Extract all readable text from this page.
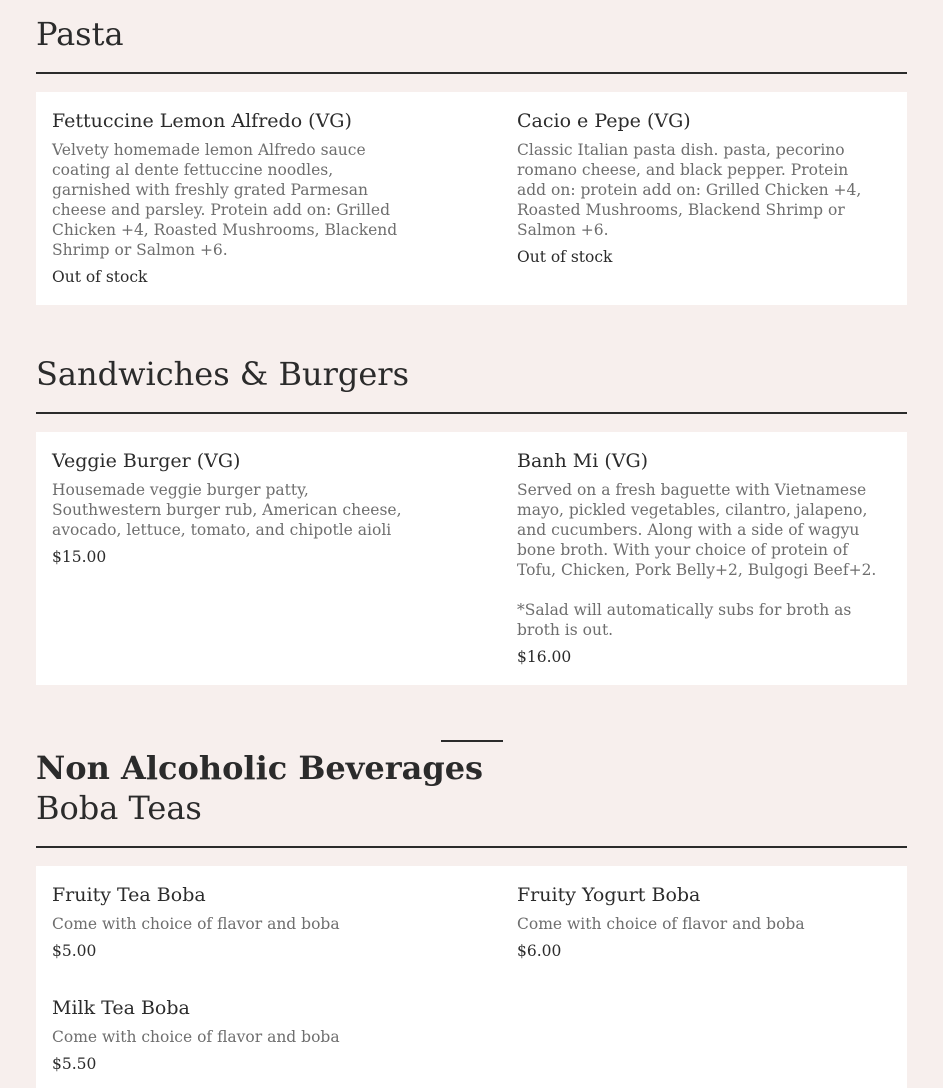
Pasta
Fettuccine Lemon Alfredo (VG)

Velvety homemade lemon Alfredo sauce coating al dente fettuccine noodles, garnished with freshly grated Parmesan cheese and parsley. Protein add on: Grilled Chicken +4, Roasted Mushrooms, Blackend Shrimp or Salmon +6.

Out of stock
Cacio e Pepe (VG)

Classic Italian pasta dish. pasta, pecorino romano cheese, and black pepper. Protein add on: protein add on: Grilled Chicken +4, Roasted Mushrooms, Blackend Shrimp or Salmon +6.

Out of stock
Sandwiches & Burgers
Veggie Burger (VG)

Housemade veggie burger patty, Southwestern burger rub, American cheese, avocado, lettuce, tomato, and chipotle aioli

$15.00
Banh Mi (VG)

Served on a fresh baguette with Vietnamese mayo, pickled vegetables, cilantro, jalapeno, and cucumbers. Along with a side of wagyu bone broth. With your choice of protein of Tofu, Chicken, Pork Belly+2, Bulgogi Beef+2.

*Salad will automatically subs for broth as broth is out.

$16.00
Non Alcoholic Beverages
Boba Teas
Fruity Tea Boba

Come with choice of flavor and boba

$5.00
Fruity Yogurt Boba

Come with choice of flavor and boba

$6.00
Milk Tea Boba

Come with choice of flavor and boba

$5.50
